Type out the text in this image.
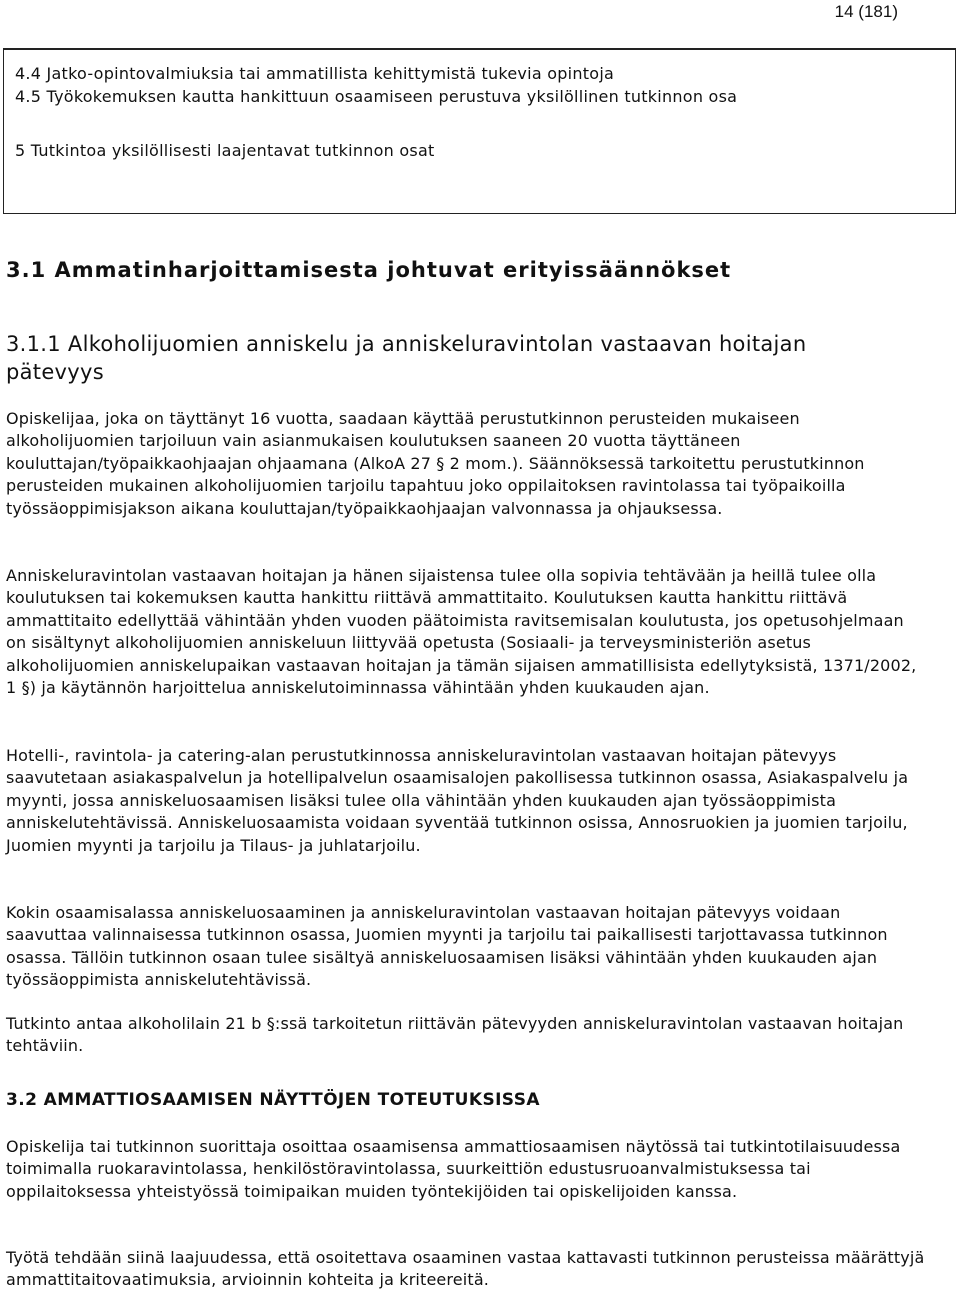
14 (181)
4.4 Jatko-opintovalmiuksia tai ammatillista kehittymistä tukevia opintoja
4.5 Työkokemuksen kautta hankittuun osaamiseen perustuva yksilöllinen tutkinnon osa
5 Tutkintoa yksilöllisesti laajentavat tutkinnon osat
3.1 Ammatinharjoittamisesta johtuvat erityissäännökset
3.1.1 Alkoholijuomien anniskelu ja anniskeluravintolan vastaavan hoitajan pätevyys

Opiskelijaa, joka on täyttänyt 16 vuotta, saadaan käyttää perustutkinnon perusteiden mukaiseen alkoholijuomien tarjoiluun vain asianmukaisen koulutuksen saaneen 20 vuotta täyttäneen kouluttajan/työpaikkaohjaajan ohjaamana (AlkoA 27 § 2 mom.). Säännöksessä tarkoitettu perustutkinnon perusteiden mukainen alkoholijuomien tarjoilu tapahtuu joko oppilaitoksen ravintolassa tai työpaikoilla työssäoppimisjakson aikana kouluttajan/työpaikkaohjaajan valvonnassa ja ohjauksessa.

Anniskeluravintolan vastaavan hoitajan ja hänen sijaistensa tulee olla sopivia tehtävään ja heillä tulee olla koulutuksen tai kokemuksen kautta hankittu riittävä ammattitaito. Koulutuksen kautta hankittu riittävä ammattitaito edellyttää vähintään yhden vuoden päätoimista ravitsemisalan koulutusta, jos opetusohjelmaan on sisältynyt alkoholijuomien anniskeluun liittyvää opetusta (Sosiaali- ja terveysministeriön asetus alkoholijuomien anniskelupaikan vastaavan hoitajan ja tämän sijaisen ammatillisista edellytyksistä, 1371/2002, 1 §) ja käytännön harjoittelua anniskelutoiminnassa vähintään yhden kuukauden ajan.

Hotelli-, ravintola- ja catering-alan perustutkinnossa anniskeluravintolan vastaavan hoitajan pätevyys saavutetaan asiakaspalvelun ja hotellipalvelun osaamisalojen pakollisessa tutkinnon osassa, Asiakaspalvelu ja myynti, jossa anniskeluosaamisen lisäksi tulee olla vähintään yhden kuukauden ajan työssäoppimista anniskelutehtävissä. Anniskeluosaamista voidaan syventää tutkinnon osissa, Annosruokien ja juomien tarjoilu, Juomien myynti ja tarjoilu ja Tilaus- ja juhlatarjoilu.

Kokin osaamisalassa anniskeluosaaminen ja anniskeluravintolan vastaavan hoitajan pätevyys voidaan saavuttaa valinnaisessa tutkinnon osassa, Juomien myynti ja tarjoilu tai paikallisesti tarjottavassa tutkinnon osassa. Tällöin tutkinnon osaan tulee sisältyä anniskeluosaamisen lisäksi vähintään yhden kuukauden ajan työssäoppimista anniskelutehtävissä.

Tutkinto antaa alkoholilain 21 b §:ssä tarkoitetun riittävän pätevyyden anniskeluravintolan vastaavan hoitajan tehtäviin.

3.2 AMMATTIOSAAMISEN NÄYTTÖJEN TOTEUTUKSISSA

Opiskelija tai tutkinnon suorittaja osoittaa osaamisensa ammattiosaamisen näytössä tai tutkintotilaisuudessa toimimalla ruokaravintolassa, henkilöstöravintolassa, suurkeittiön edustusruoanvalmistuksessa tai oppilaitoksessa yhteistyössä toimipaikan muiden työntekijöiden tai opiskelijoiden kanssa.

Työtä tehdään siinä laajuudessa, että osoitettava osaaminen vastaa kattavasti tutkinnon perusteissa määrättyjä ammattitaitovaatimuksia, arvioinnin kohteita ja kriteereitä.
